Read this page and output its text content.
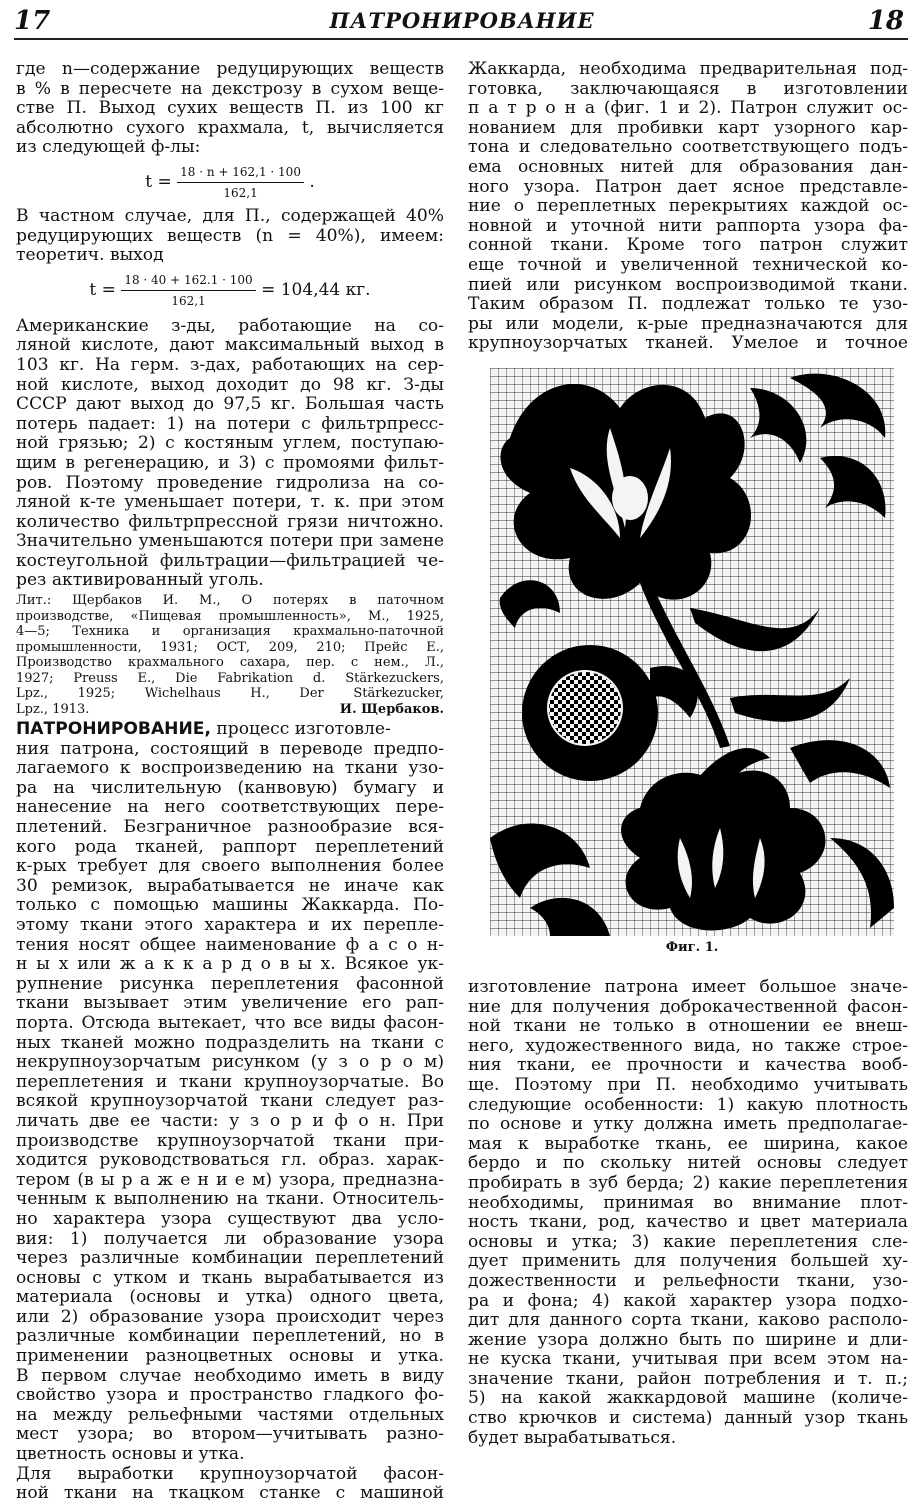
17	ПАТРОНИРОВАНИЕ	18
где n—содержание редуцирующих веществ
в % в пересчете на декстрозу в сухом веще-
стве П. Выход сухих веществ П. из 100 кг
абсолютно сухого крахмала, t, вычисляется
из следующей ф-лы:
$t = \frac{18 \cdot n + 162,1 \cdot 100}{162,1}$ .
В частном случае, для П., содержащей 40%
редуцирующих веществ (n = 40%), имеем:
теоретич. выход
$t = \frac{18 \cdot 40 + 162.1 \cdot 100}{162,1} = 104,44$ кг.
Американские з-ды, работающие на со-
ляной кислоте, дают максимальный выход в
103 кг. На герм. з-дах, работающих на сер-
ной кислоте, выход доходит до 98 кг. З-ды
СССР дают выход до 97,5 кг. Большая часть
потерь падает: 1) на потери с фильтрпресс-
ной грязью; 2) с костяным углем, поступаю-
щим в регенерацию, и 3) с промоями фильт-
ров. Поэтому проведение гидролиза на со-
ляной к-те уменьшает потери, т. к. при этом
количество фильтрпрессной грязи ничтожно.
Значительно уменьшаются потери при замене
костеугольной фильтрации—фильтрацией че-
рез активированный уголь.
Лит.: Щербаков И. М., О потерях в паточном
производстве, «Пищевая промышленность», М., 1925,
4—5; Техника и организация крахмально-паточной
промышленности, 1931; ОСТ, 209, 210; Прейс Е.,
Производство крахмального сахара, пер. с нем., Л.,
1927; Preuss E., Die Fabrikation d. Stärkezuckers,
Lpz., 1925; Wichelhaus H., Der Stärkezucker,
Lpz., 1913.	И. Щербаков.
ПАТРОНИРОВАНИЕ, процесс изготовле-
ния патрона, состоящий в переводе предпо-
лагаемого к воспроизведению на ткани узо-
ра на числительную (канвовую) бумагу и
нанесение на него соответствующих пере-
плетений. Безграничное разнообразие вся-
кого рода тканей, раппорт переплетений
к-рых требует для своего выполнения более
30 ремизок, вырабатывается не иначе как
только с помощью машины Жаккарда. По-
этому ткани этого характера и их перепле-
тения носят общее наименование ф а с о н-
н ы х или ж а к к а р д о в ы х. Всякое ук-
рупнение рисунка переплетения фасонной
ткани вызывает этим увеличение его рап-
порта. Отсюда вытекает, что все виды фасон-
ных тканей можно подразделить на ткани с
некрупноузорчатым рисунком (у з о р о м)
переплетения и ткани крупноузорчатые. Во
всякой крупноузорчатой ткани следует раз-
личать две ее части: у з о р и ф о н. При
производстве крупноузорчатой ткани при-
ходится руководствоваться гл. образ. харак-
тером (в ы р а ж е н и е м) узора, предназна-
ченным к выполнению на ткани. Относитель-
но характера узора существуют два усло-
вия: 1) получается ли образование узора
через различные комбинации переплетений
основы с утком и ткань вырабатывается из
материала (основы и утка) одного цвета,
или 2) образование узора происходит через
различные комбинации переплетений, но в
применении разноцветных основы и утка.
В первом случае необходимо иметь в виду
свойство узора и пространство гладкого фо-
на между рельефными частями отдельных
мест узора; во втором—учитывать разно-
цветность основы и утка.
Для выработки крупноузорчатой фасон-
ной ткани на ткацком станке с машиной
Жаккарда, необходима предварительная под-
готовка, заключающаяся в изготовлении
п а т р о н а (фиг. 1 и 2). Патрон служит ос-
нованием для пробивки карт узорного кар-
тона и следовательно соответствующего подъ-
ема основных нитей для образования дан-
ного узора. Патрон дает ясное представле-
ние о переплетных перекрытиях каждой ос-
новной и уточной нити раппорта узора фа-
сонной ткани. Кроме того патрон служит
еще точной и увеличенной технической ко-
пией или рисунком воспроизводимой ткани.
Таким образом П. подлежат только те узо-
ры или модели, к-рые предназначаются для
крупноузорчатых тканей. Умелое и точное
Фиг. 1.
изготовление патрона имеет большое значе-
ние для получения доброкачественной фасон-
ной ткани не только в отношении ее внеш-
него, художественного вида, но также строе-
ния ткани, ее прочности и качества вооб-
ще. Поэтому при П. необходимо учитывать
следующие особенности: 1) какую плотность
по основе и утку должна иметь предполагае-
мая к выработке ткань, ее ширина, какое
бердо и по скольку нитей основы следует
пробирать в зуб берда; 2) какие переплетения
необходимы, принимая во внимание плот-
ность ткани, род, качество и цвет материала
основы и утка; 3) какие переплетения сле-
дует применить для получения большей ху-
дожественности и рельефности ткани, узо-
ра и фона; 4) какой характер узора подхо-
дит для данного сорта ткани, каково располо-
жение узора должно быть по ширине и дли-
не куска ткани, учитывая при всем этом на-
значение ткани, район потребления и т. п.;
5) на какой жаккардовой машине (количе-
ство крючков и система) данный узор ткань
будет вырабатываться.
